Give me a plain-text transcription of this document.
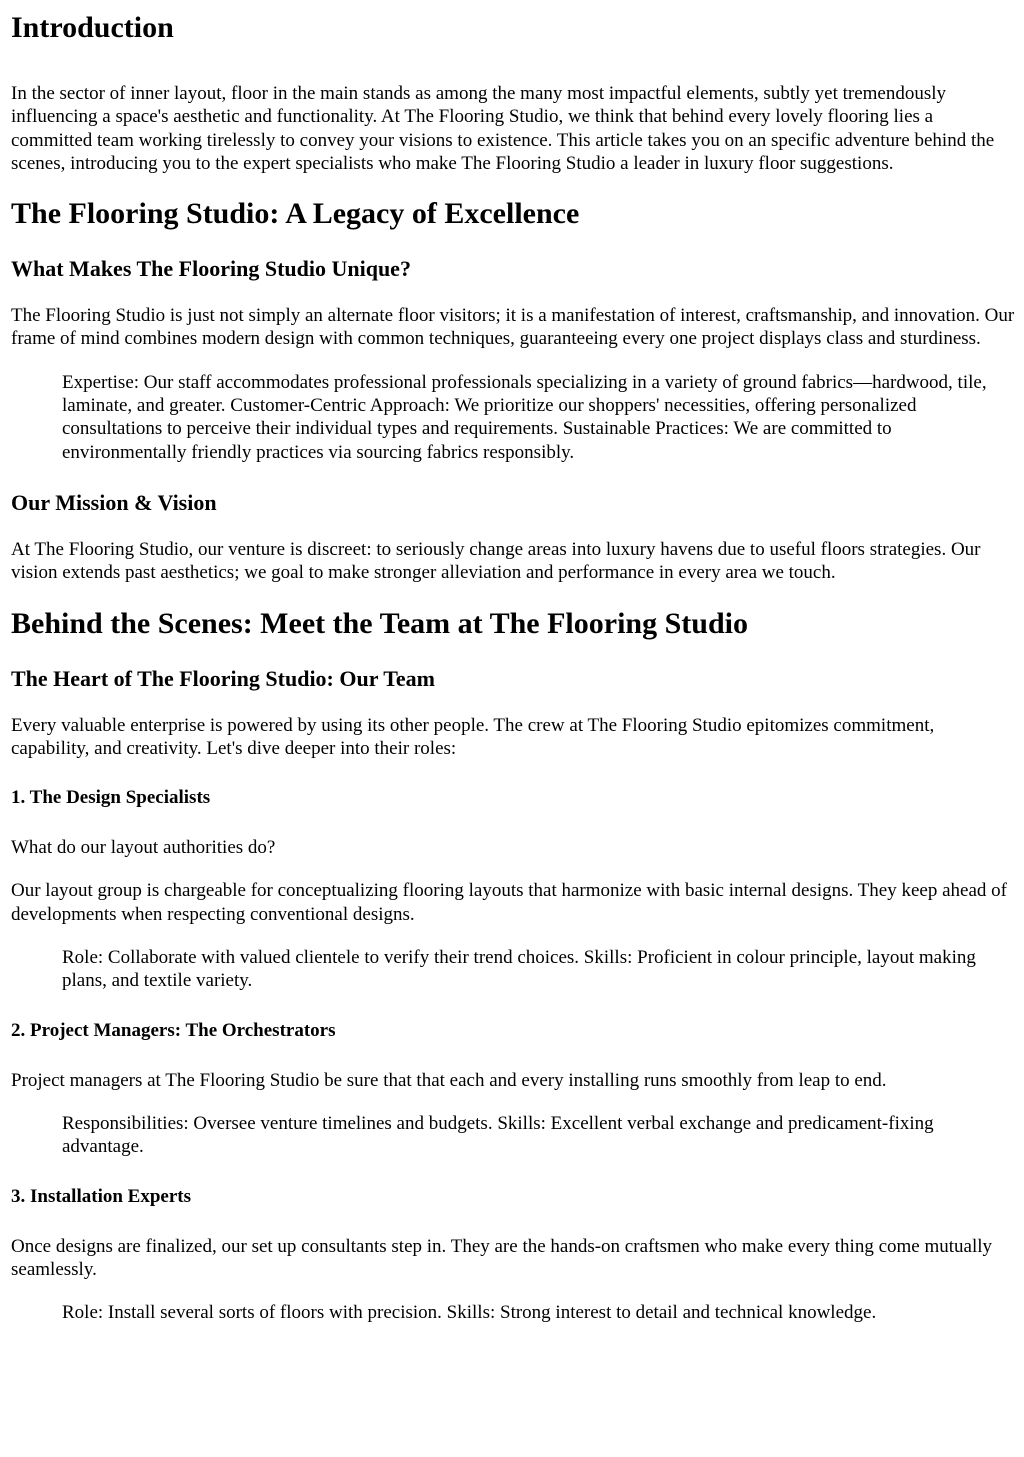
Introduction

In the sector of inner layout, floor in the main stands as among the many most impactful elements, subtly yet tremendously influencing a space's aesthetic and functionality. At The Flooring Studio, we think that behind every lovely flooring lies a committed team working tirelessly to convey your visions to existence. This article takes you on an specific adventure behind the scenes, introducing you to the expert specialists who make The Flooring Studio a leader in luxury floor suggestions.

The Flooring Studio: A Legacy of Excellence
What Makes The Flooring Studio Unique?

The Flooring Studio is just not simply an alternate floor visitors; it is a manifestation of interest, craftsmanship, and innovation. Our frame of mind combines modern design with common techniques, guaranteeing every one project displays class and sturdiness.

Expertise: Our staff accommodates professional professionals specializing in a variety of ground fabrics—hardwood, tile, laminate, and greater. Customer-Centric Approach: We prioritize our shoppers' necessities, offering personalized consultations to perceive their individual types and requirements. Sustainable Practices: We are committed to environmentally friendly practices via sourcing fabrics responsibly.
Our Mission & Vision

At The Flooring Studio, our venture is discreet: to seriously change areas into luxury havens due to useful floors strategies. Our vision extends past aesthetics; we goal to make stronger alleviation and performance in every area we touch.

Behind the Scenes: Meet the Team at The Flooring Studio
The Heart of The Flooring Studio: Our Team

Every valuable enterprise is powered by using its other people. The crew at The Flooring Studio epitomizes commitment, capability, and creativity. Let's dive deeper into their roles:

1. The Design Specialists

What do our layout authorities do?

Our layout group is chargeable for conceptualizing flooring layouts that harmonize with basic internal designs. They keep ahead of developments when respecting conventional designs.

Role: Collaborate with valued clientele to verify their trend choices. Skills: Proficient in colour principle, layout making plans, and textile variety.
2. Project Managers: The Orchestrators

Project managers at The Flooring Studio be sure that that each and every installing runs smoothly from leap to end.

Responsibilities: Oversee venture timelines and budgets. Skills: Excellent verbal exchange and predicament-fixing advantage.
3. Installation Experts

Once designs are finalized, our set up consultants step in. They are the hands-on craftsmen who make every thing come mutually seamlessly.

Role: Install several sorts of floors with precision. Skills: Strong interest to detail and technical knowledge.
